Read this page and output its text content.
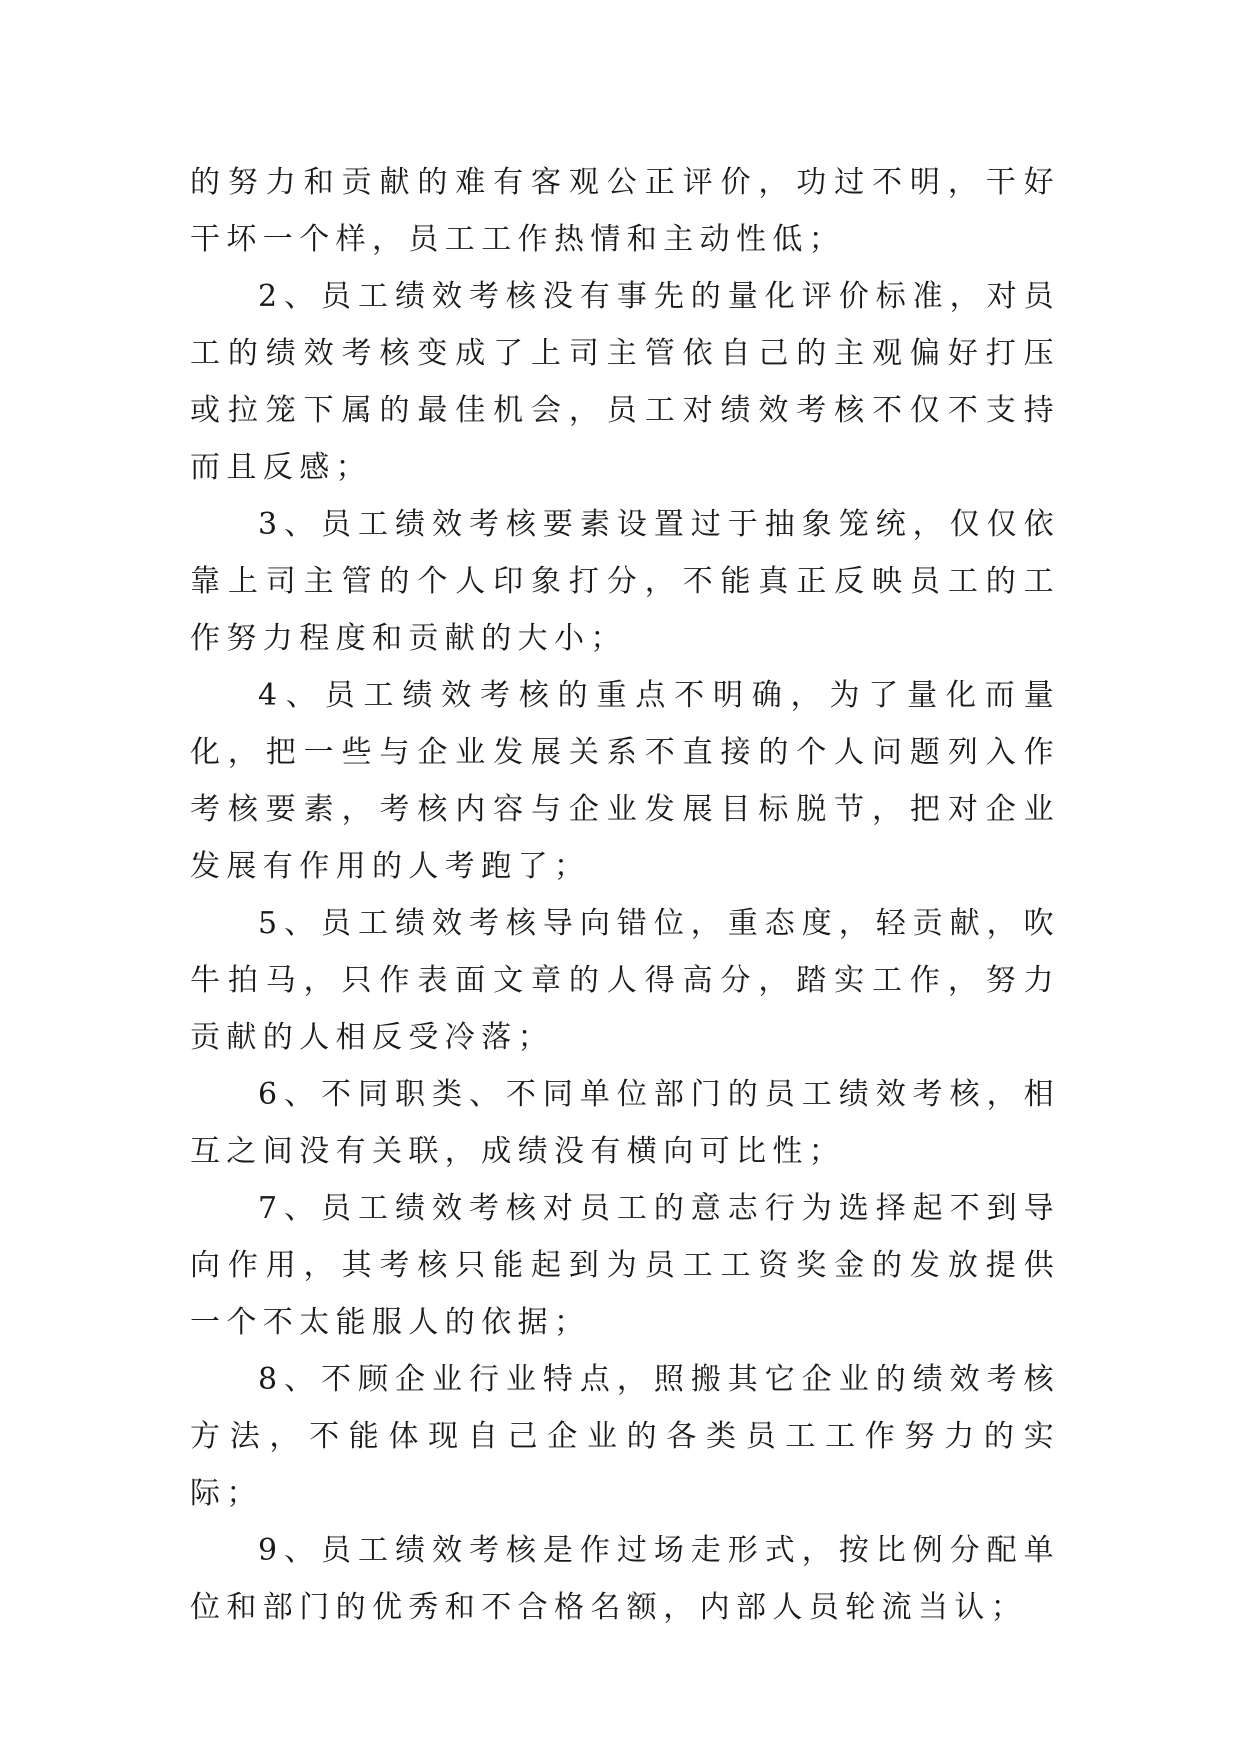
的努力和贡献的难有客观公正评价，功过不明，干好干坏一个样，员工工作热情和主动性低；

2、员工绩效考核没有事先的量化评价标准，对员工的绩效考核变成了上司主管依自己的主观偏好打压或拉笼下属的最佳机会，员工对绩效考核不仅不支持而且反感；

3、员工绩效考核要素设置过于抽象笼统，仅仅依靠上司主管的个人印象打分，不能真正反映员工的工作努力程度和贡献的大小；

4、员工绩效考核的重点不明确，为了量化而量化，把一些与企业发展关系不直接的个人问题列入作考核要素，考核内容与企业发展目标脱节，把对企业发展有作用的人考跑了；

5、员工绩效考核导向错位，重态度，轻贡献，吹牛拍马，只作表面文章的人得高分，踏实工作，努力贡献的人相反受冷落；

6、不同职类、不同单位部门的员工绩效考核，相互之间没有关联，成绩没有横向可比性；

7、员工绩效考核对员工的意志行为选择起不到导向作用，其考核只能起到为员工工资奖金的发放提供一个不太能服人的依据；

8、不顾企业行业特点，照搬其它企业的绩效考核方法，不能体现自己企业的各类员工工作努力的实际；

9、员工绩效考核是作过场走形式，按比例分配单位和部门的优秀和不合格名额，内部人员轮流当认；
